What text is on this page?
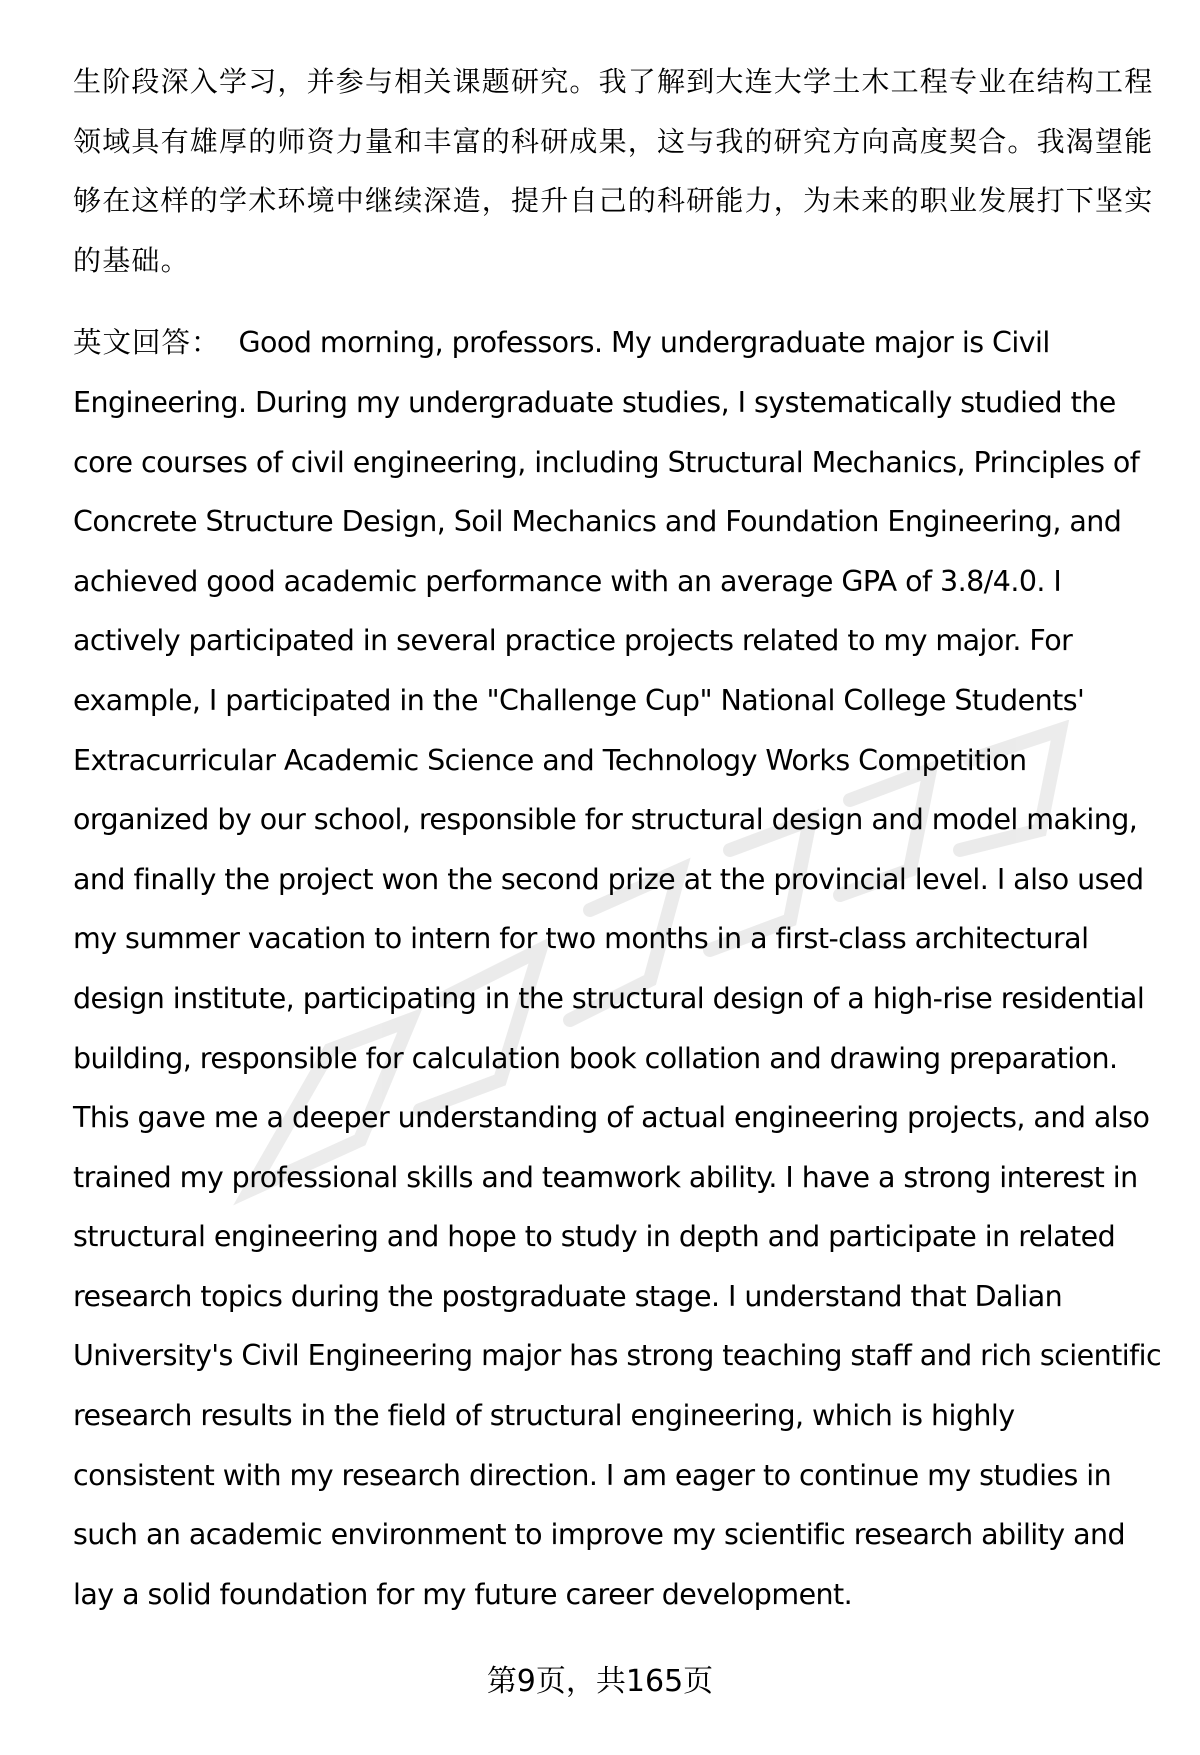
生阶段深入学习，并参与相关课题研究。我了解到大连大学土木工程专业在结构工程领域具有雄厚的师资力量和丰富的科研成果，这与我的研究方向高度契合。我渴望能够在这样的学术环境中继续深造，提升自己的科研能力，为未来的职业发展打下坚实的基础。

英文回答： Good morning, professors. My undergraduate major is Civil Engineering. During my undergraduate studies, I systematically studied the core courses of civil engineering, including Structural Mechanics, Principles of Concrete Structure Design, Soil Mechanics and Foundation Engineering, and achieved good academic performance with an average GPA of 3.8/4.0. I actively participated in several practice projects related to my major. For example, I participated in the "Challenge Cup" National College Students' Extracurricular Academic Science and Technology Works Competition organized by our school, responsible for structural design and model making, and finally the project won the second prize at the provincial level. I also used my summer vacation to intern for two months in a first-class architectural design institute, participating in the structural design of a high-rise residential building, responsible for calculation book collation and drawing preparation. This gave me a deeper understanding of actual engineering projects, and also trained my professional skills and teamwork ability. I have a strong interest in structural engineering and hope to study in depth and participate in related research topics during the postgraduate stage. I understand that Dalian University's Civil Engineering major has strong teaching staff and rich scientific research results in the field of structural engineering, which is highly consistent with my research direction. I am eager to continue my studies in such an academic environment to improve my scientific research ability and lay a solid foundation for my future career development.

第9页，共165页
